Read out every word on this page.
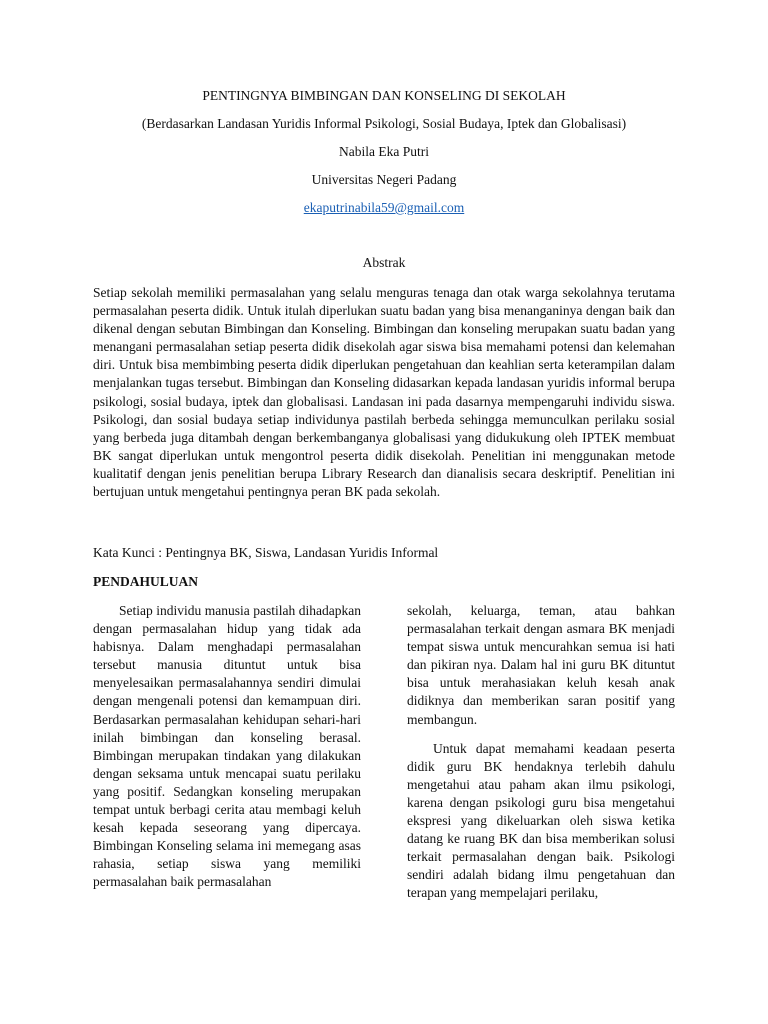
PENTINGNYA BIMBINGAN DAN KONSELING DI SEKOLAH
(Berdasarkan Landasan Yuridis Informal Psikologi, Sosial Budaya, Iptek dan Globalisasi)
Nabila Eka Putri
Universitas Negeri Padang
ekaputrinabila59@gmail.com
Abstrak

Setiap sekolah memiliki permasalahan yang selalu menguras tenaga dan otak warga sekolahnya terutama permasalahan peserta didik. Untuk itulah diperlukan suatu badan yang bisa menanganinya dengan baik dan dikenal dengan sebutan Bimbingan dan Konseling. Bimbingan dan konseling merupakan suatu badan yang menangani permasalahan setiap peserta didik disekolah agar siswa bisa memahami potensi dan kelemahan diri. Untuk bisa membimbing peserta didik diperlukan pengetahuan dan keahlian serta keterampilan dalam menjalankan tugas tersebut. Bimbingan dan Konseling didasarkan kepada landasan yuridis informal berupa psikologi, sosial budaya, iptek dan globalisasi. Landasan ini pada dasarnya mempengaruhi individu siswa. Psikologi, dan sosial budaya setiap individunya pastilah berbeda sehingga memunculkan perilaku sosial yang berbeda juga ditambah dengan berkembanganya globalisasi yang didukukung oleh IPTEK membuat BK sangat diperlukan untuk mengontrol peserta didik disekolah. Penelitian ini menggunakan metode kualitatif dengan jenis penelitian berupa Library Research dan dianalisis secara deskriptif. Penelitian ini bertujuan untuk mengetahui pentingnya peran BK pada sekolah.

Kata Kunci : Pentingnya BK, Siswa, Landasan Yuridis Informal
PENDAHULUAN

Setiap individu manusia pastilah dihadapkan dengan permasalahan hidup yang tidak ada habisnya. Dalam menghadapi permasalahan tersebut manusia dituntut untuk bisa menyelesaikan permasalahannya sendiri dimulai dengan mengenali potensi dan kemampuan diri. Berdasarkan permasalahan kehidupan sehari-hari inilah bimbingan dan konseling berasal. Bimbingan merupakan tindakan yang dilakukan dengan seksama untuk mencapai suatu perilaku yang positif. Sedangkan konseling merupakan tempat untuk berbagi cerita atau membagi keluh kesah kepada seseorang yang dipercaya. Bimbingan Konseling selama ini memegang asas rahasia, setiap siswa yang memiliki permasalahan baik permasalahan

sekolah, keluarga, teman, atau bahkan permasalahan terkait dengan asmara BK menjadi tempat siswa untuk mencurahkan semua isi hati dan pikiran nya. Dalam hal ini guru BK dituntut bisa untuk merahasiakan keluh kesah anak didiknya dan memberikan saran positif yang membangun.

Untuk dapat memahami keadaan peserta didik guru BK hendaknya terlebih dahulu mengetahui atau paham akan ilmu psikologi, karena dengan psikologi guru bisa mengetahui ekspresi yang dikeluarkan oleh siswa ketika datang ke ruang BK dan bisa memberikan solusi terkait permasalahan dengan baik. Psikologi sendiri adalah bidang ilmu pengetahuan dan terapan yang mempelajari perilaku,
